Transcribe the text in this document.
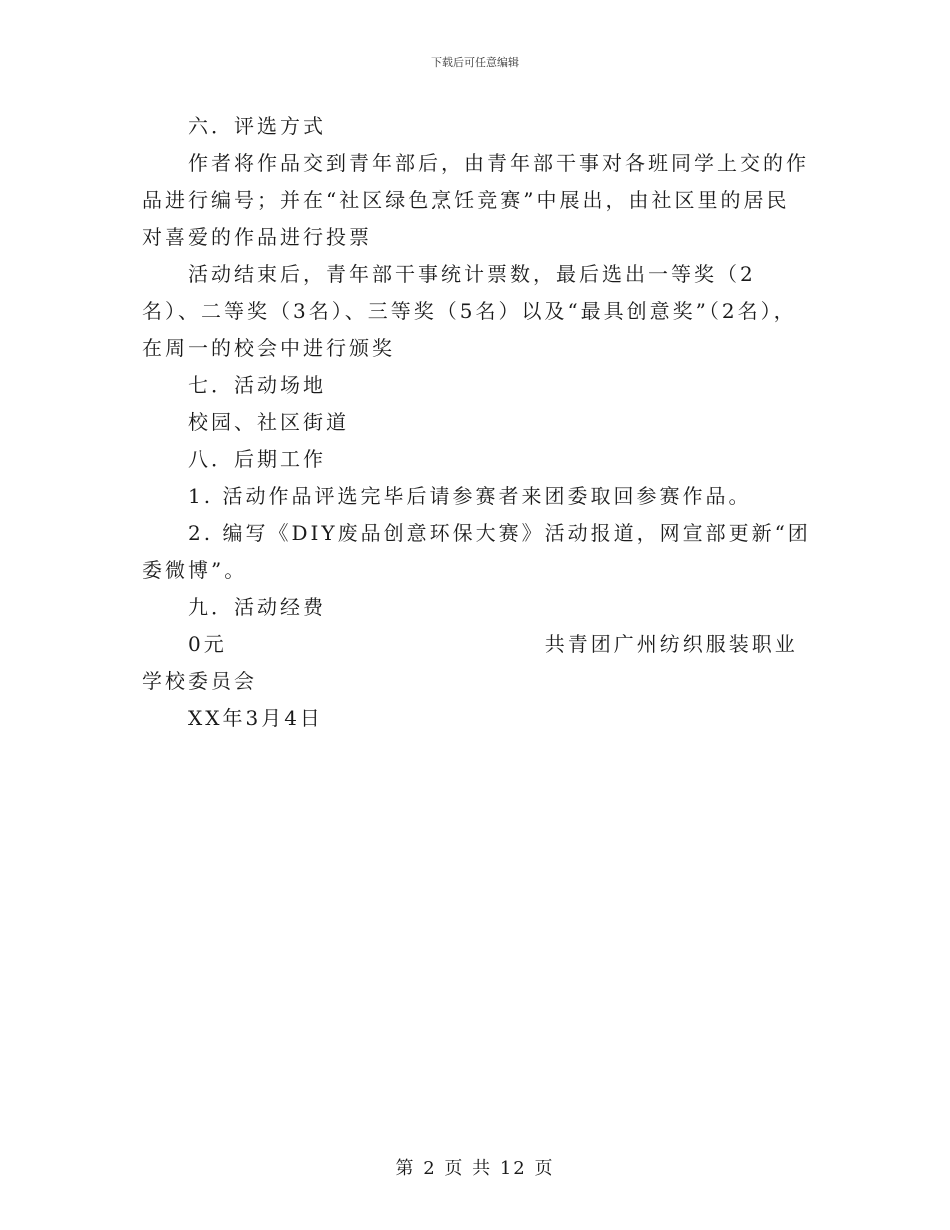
下载后可任意编辑

六．评选方式

作者将作品交到青年部后，由青年部干事对各班同学上交的作品进行编号；并在“社区绿色烹饪竞赛”中展出，由社区里的居民对喜爱的作品进行投票

活动结束后，青年部干事统计票数，最后选出一等奖（2名）、二等奖（3名）、三等奖（5名）以及“最具创意奖”（2名），在周一的校会中进行颁奖

七．活动场地

校园、社区街道

八．后期工作

1. 活动作品评选完毕后请参赛者来团委取回参赛作品。

2. 编写《DIY废品创意环保大赛》活动报道，网宣部更新“团委微博”。

九．活动经费

0元	共青团广州纺织服装职业学校委员会

XX年3月4日

第 2 页 共 12 页
